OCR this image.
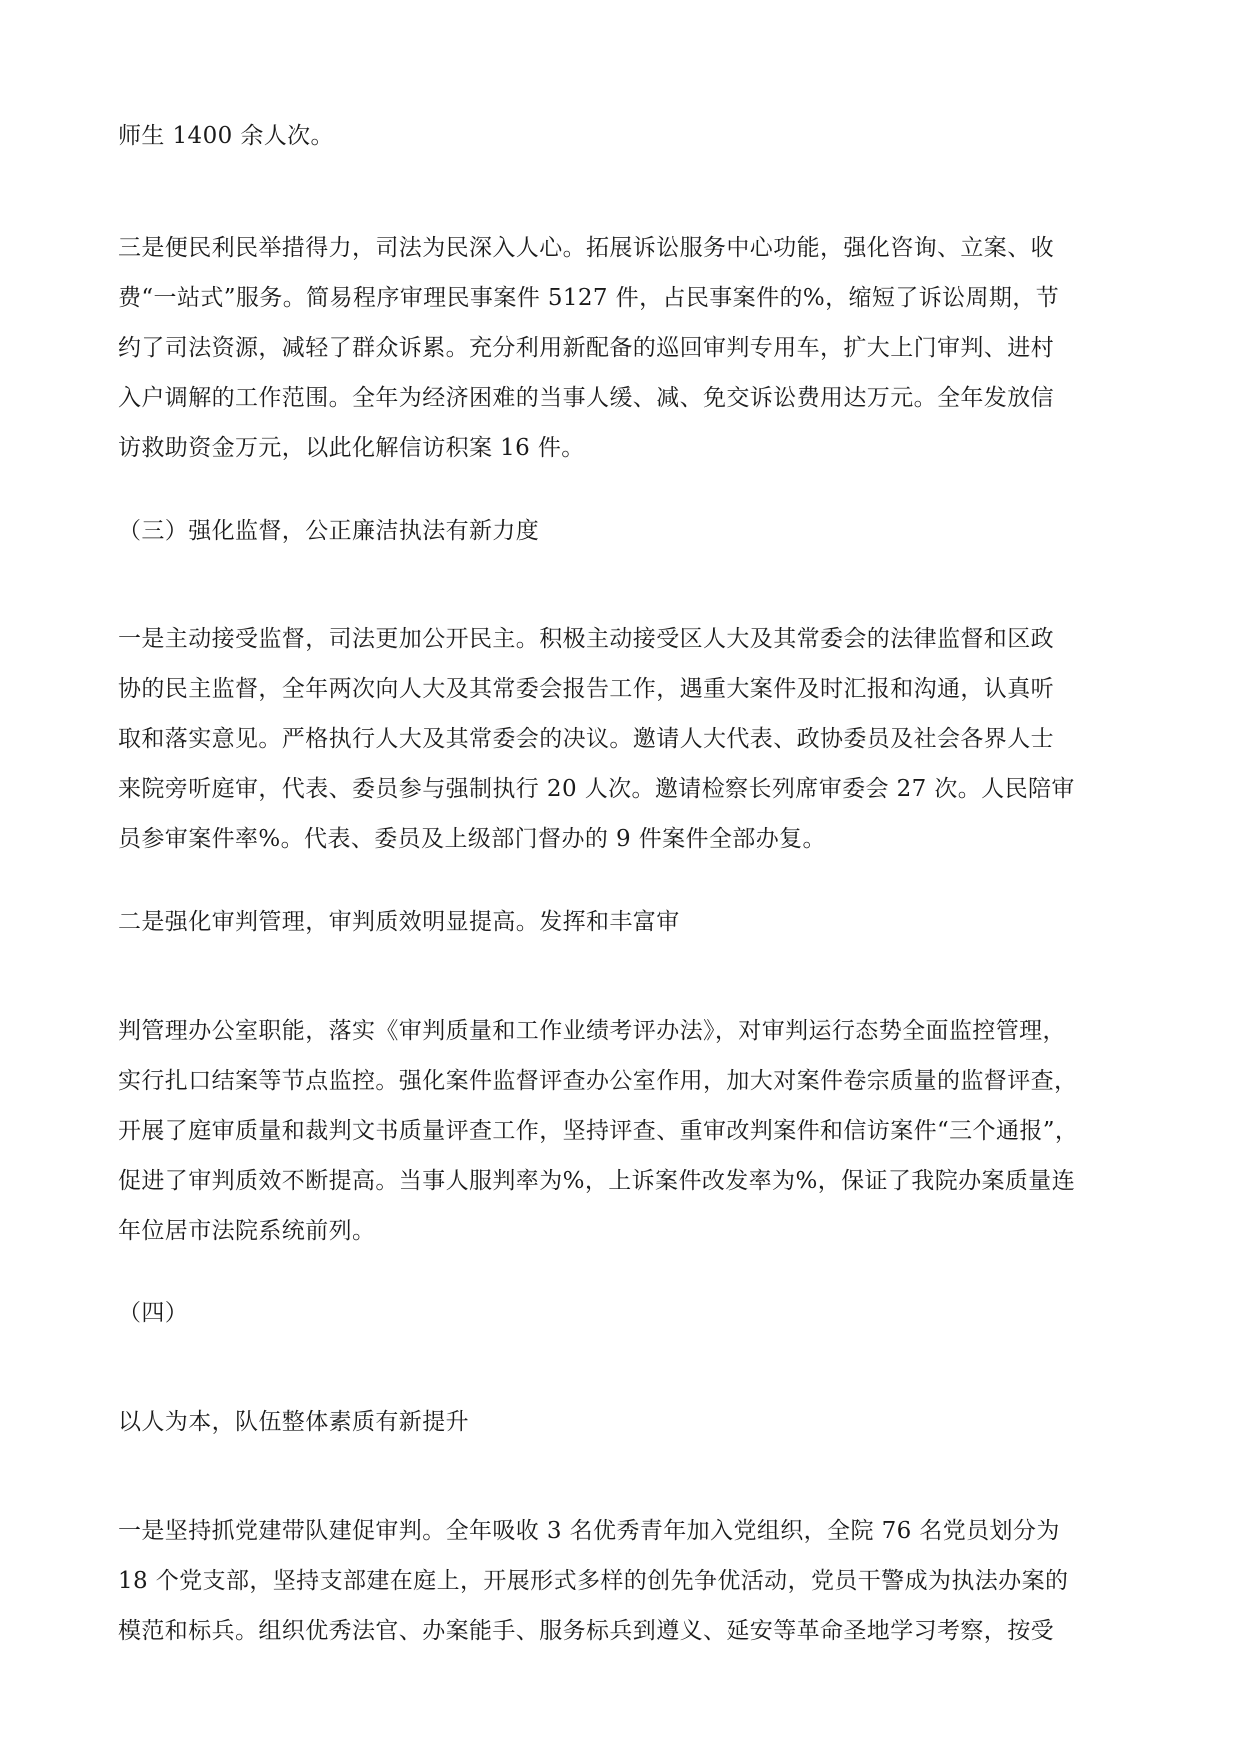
师生 1400 余人次。
三是便民利民举措得力，司法为民深入人心。拓展诉讼服务中心功能，强化咨询、立案、收
费“一站式”服务。简易程序审理民事案件 5127 件，占民事案件的%，缩短了诉讼周期，节
约了司法资源，减轻了群众诉累。充分利用新配备的巡回审判专用车，扩大上门审判、进村
入户调解的工作范围。全年为经济困难的当事人缓、减、免交诉讼费用达万元。全年发放信
访救助资金万元，以此化解信访积案 16 件。
（三）强化监督，公正廉洁执法有新力度
一是主动接受监督，司法更加公开民主。积极主动接受区人大及其常委会的法律监督和区政
协的民主监督，全年两次向人大及其常委会报告工作，遇重大案件及时汇报和沟通，认真听
取和落实意见。严格执行人大及其常委会的决议。邀请人大代表、政协委员及社会各界人士
来院旁听庭审，代表、委员参与强制执行 20 人次。邀请检察长列席审委会 27 次。人民陪审
员参审案件率%。代表、委员及上级部门督办的 9 件案件全部办复。
二是强化审判管理，审判质效明显提高。发挥和丰富审
判管理办公室职能，落实《审判质量和工作业绩考评办法》，对审判运行态势全面监控管理，
实行扎口结案等节点监控。强化案件监督评查办公室作用，加大对案件卷宗质量的监督评查，
开展了庭审质量和裁判文书质量评查工作，坚持评查、重审改判案件和信访案件“三个通报”，
促进了审判质效不断提高。当事人服判率为%，上诉案件改发率为%，保证了我院办案质量连
年位居市法院系统前列。
（四）
以人为本，队伍整体素质有新提升
一是坚持抓党建带队建促审判。全年吸收 3 名优秀青年加入党组织，全院 76 名党员划分为
18 个党支部，坚持支部建在庭上，开展形式多样的创先争优活动，党员干警成为执法办案的
模范和标兵。组织优秀法官、办案能手、服务标兵到遵义、延安等革命圣地学习考察，按受
